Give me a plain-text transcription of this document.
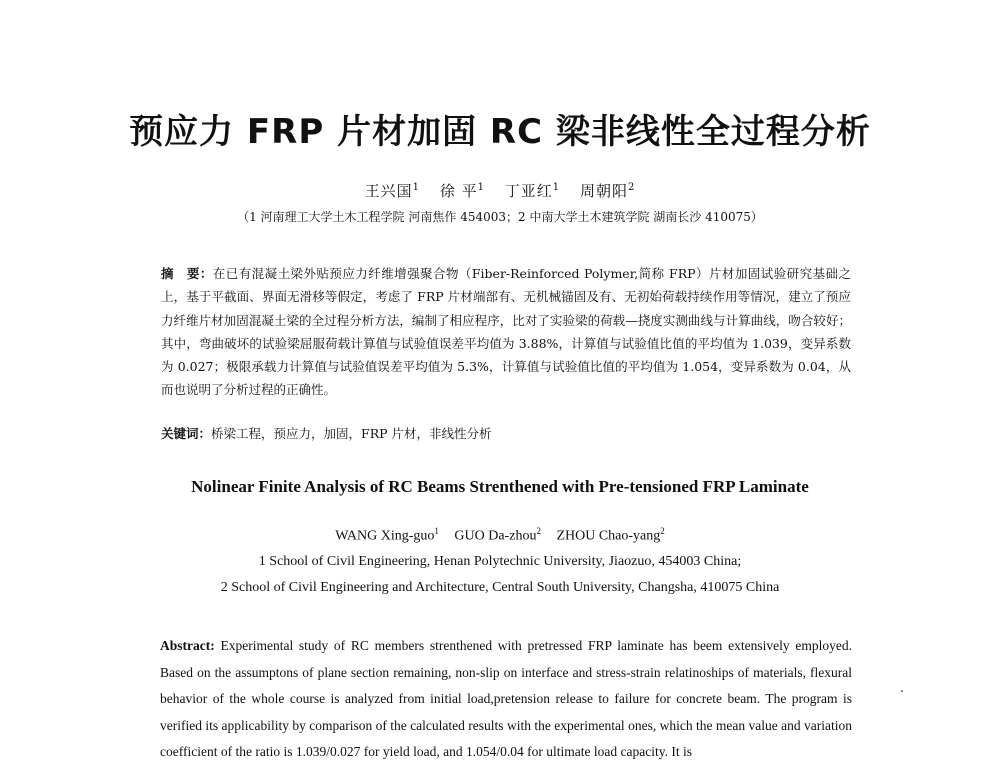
预应力 FRP 片材加固 RC 梁非线性全过程分析
王兴国$^1$ 徐 平$^1$ 丁亚红$^1$ 周朝阳$^2$
（1 河南理工大学土木工程学院 河南焦作 454003；2 中南大学土木建筑学院 湖南长沙 410075）
摘　要：在已有混凝土梁外贴预应力纤维增强聚合物（Fiber-Reinforced Polymer,简称 FRP）片材加固试验研究基础之上，基于平截面、界面无滑移等假定，考虑了 FRP 片材端部有、无机械锚固及有、无初始荷载持续作用等情况，建立了预应力纤维片材加固混凝土梁的全过程分析方法，编制了相应程序，比对了实验梁的荷载—挠度实测曲线与计算曲线，吻合较好；其中，弯曲破坏的试验梁屈服荷载计算值与试验值误差平均值为 3.88%，计算值与试验值比值的平均值为 1.039，变异系数为 0.027；极限承载力计算值与试验值误差平均值为 5.3%，计算值与试验值比值的平均值为 1.054，变异系数为 0.04，从而也说明了分析过程的正确性。
关键词：桥梁工程，预应力，加固，FRP 片材，非线性分析
Nolinear Finite Analysis of RC Beams Strenthened with Pre-tensioned FRP Laminate
WANG Xing-guo$^1$ GUO Da-zhou$^2$ ZHOU Chao-yang$^2$
1 School of Civil Engineering, Henan Polytechnic University, Jiaozuo, 454003 China;
2 School of Civil Engineering and Architecture, Central South University, Changsha, 410075 China
Abstract: Experimental study of RC members strenthened with pretressed FRP laminate has beem extensively employed. Based on the assumptons of plane section remaining, non-slip on interface and stress-strain relatinoships of materials, flexural behavior of the whole course is analyzed from initial load,pretension release to failure for concrete beam. The program is verified its applicability by comparison of the calculated results with the experimental ones, which the mean value and variation coefficient of the ratio is 1.039/0.027 for yield load, and 1.054/0.04 for ultimate load capacity. It is
